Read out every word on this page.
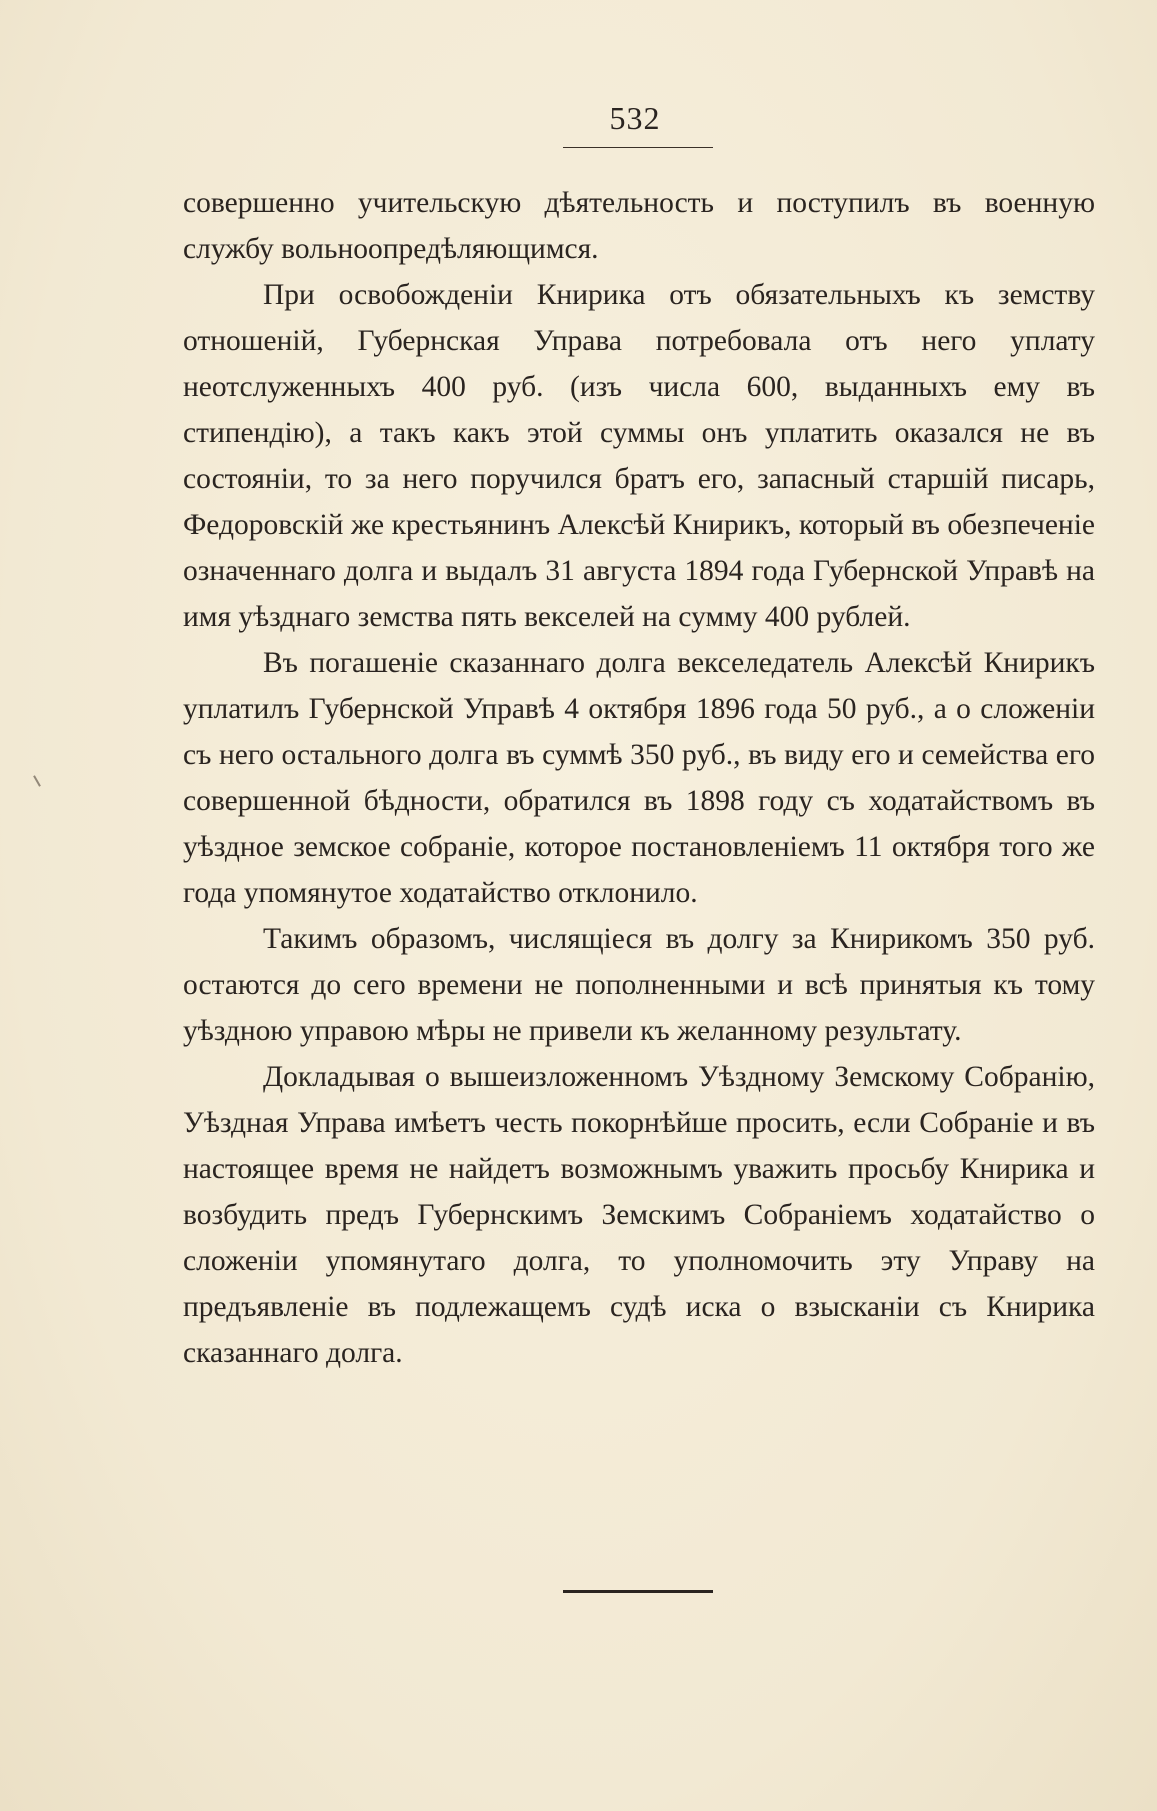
532

совершенно учительскую дѣятельность и поступилъ въ военную службу вольноопредѣляющимся.

При освобожденіи Книрика отъ обязательныхъ къ земству отношеній, Губернская Управа потребовала отъ него уплату неотслуженныхъ 400 руб. (изъ числа 600, выданныхъ ему въ стипендію), а такъ какъ этой суммы онъ уплатить оказался не въ состояніи, то за него поручился братъ его, запасный старшій писарь, Федоровскій же крестьянинъ Алексѣй Книрикъ, который въ обезпеченіе означеннаго долга и выдалъ 31 августа 1894 года Губернской Управѣ на имя уѣзднаго земства пять векселей на сумму 400 рублей.

Въ погашеніе сказаннаго долга векселедатель Алексѣй Книрикъ уплатилъ Губернской Управѣ 4 октября 1896 года 50 руб., а о сложеніи съ него остального долга въ суммѣ 350 руб., въ виду его и семейства его совершенной бѣдности, обратился въ 1898 году съ ходатайствомъ въ уѣздное земское собраніе, которое постановленіемъ 11 октября того же года упомянутое ходатайство отклонило.

Такимъ образомъ, числящіеся въ долгу за Книрикомъ 350 руб. остаются до сего времени не пополненными и всѣ принятыя къ тому уѣздною управою мѣры не привели къ желанному результату.

Докладывая о вышеизложенномъ Уѣздному Земскому Собранію, Уѣздная Управа имѣетъ честь покорнѣйше просить, если Собраніе и въ настоящее время не найдетъ возможнымъ уважить просьбу Книрика и возбудить предъ Губернскимъ Земскимъ Собраніемъ ходатайство о сложеніи упомянутаго долга, то уполномочить эту Управу на предъявленіе въ подлежащемъ судѣ иска о взысканіи съ Книрика сказаннаго долга.
